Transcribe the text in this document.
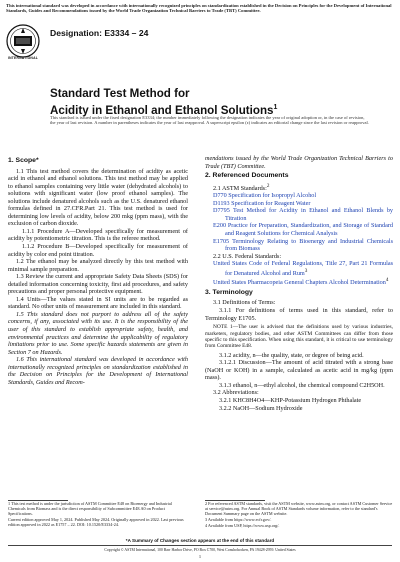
This international standard was developed in accordance with internationally recognized principles on standardization established in the Decision on Principles for the Development of International Standards, Guides and Recommendations issued by the World Trade Organization Technical Barriers to Trade (TBT) Committee.
INTERNATIONAL
Designation: E3334 – 24
Standard Test Method for
Acidity in Ethanol and Ethanol Solutions$^1$
This standard is issued under the fixed designation E3334; the number immediately following the designation indicates the year of original adoption or, in the case of revision, the year of last revision. A number in parentheses indicates the year of last reapproval. A superscript epsilon (ε) indicates an editorial change since the last revision or reapproval.

1. Scope*

1.1 This test method covers the determination of acidity as acetic acid in ethanol and ethanol solutions. This test method may be applied to ethanol samples containing very little water (dehydrated alcohols) to solutions with significant water (low proof ethanol samples). The solutions include denatured alcohols such as the U.S. denatured ethanol formulas defined in 27.CFR.Part 21. This test method is used for determining low levels of acidity, below 200 mkg (ppm mass), with the exclusion of carbon dioxide.

1.1.1 Procedure A—Developed specifically for measurement of acidity by potentiometric titration. This is the referee method.

1.1.2 Procedure B—Developed specifically for measurement of acidity by color end point titration.

1.2 The ethanol may be analyzed directly by this test method with minimal sample preparation.

1.3 Review the current and appropriate Safety Data Sheets (SDS) for detailed information concerning toxicity, first aid procedures, and safety precautions and proper personal protective equipment.

1.4 Units—The values stated in SI units are to be regarded as standard. No other units of measurement are included in this standard.

1.5 This standard does not purport to address all of the safety concerns, if any, associated with its use. It is the responsibility of the user of this standard to establish appropriate safety, health, and environmental practices and determine the applicability of regulatory limitations prior to use. Some specific hazards statements are given in Section 7 on Hazards.

1.6 This international standard was developed in accordance with internationally recognized principles on standardization established in the Decision on Principles for the Development of International Standards, Guides and Recom-

mendations issued by the World Trade Organization Technical Barriers to Trade (TBT) Committee.

2. Referenced Documents

2.1 ASTM Standards:$^2$

D770 Specification for Isopropyl Alcohol

D1193 Specification for Reagent Water

D7795 Test Method for Acidity in Ethanol and Ethanol Blends by Titration

E200 Practice for Preparation, Standardization, and Storage of Standard and Reagent Solutions for Chemical Analysis

E1705 Terminology Relating to Bioenergy and Industrial Chemicals from Biomass

2.2 U.S. Federal Standards:

United States Code of Federal Regulations, Title 27, Part 21 Formulas for Denatured Alcohol and Rum$^3$

United States Pharmacopeia General Chapters Alcohol Determination$^4$

3. Terminology

3.1 Definitions of Terms:

3.1.1 For definitions of terms used in this standard, refer to Terminology E1705.

NOTE 1—The user is advised that the definitions used by various industries, marketers, regulatory bodies, and other ASTM Committees can differ from those specific to this specification. When using this standard, it is critical to use terminology from Committee E48.

3.1.2 acidity, n—the quality, state, or degree of being acid.

3.1.2.1 Discussion—The amount of acid titrated with a strong base (NaOH or KOH) in a sample, calculated as acetic acid in mg/kg (ppm mass).

3.1.3 ethanol, n—ethyl alcohol, the chemical compound C2H5OH.

3.2 Abbreviations:

3.2.1 KHC8H4O4—KHP-Potassium Hydrogen Phthalate

3.2.2 NaOH—Sodium Hydroxide

1 This test method is under the jurisdiction of ASTM Committee E48 on Bioenergy and Industrial Chemicals from Biomass and is the direct responsibility of Subcommittee E48.A0 on Product Specifications.

Current edition approved May 1, 2024. Published May 2024. Originally approved in 2022. Last previous edition approved in 2022 as E1757 – 22. DOI: 10.1520/E3334-24.

2 For referenced ASTM standards, visit the ASTM website, www.astm.org, or contact ASTM Customer Service at service@astm.org. For Annual Book of ASTM Standards volume information, refer to the standard's Document Summary page on the ASTM website.

3 Available from https://www.ecfr.gov/.

4 Available from USP, https://www.usp.org/.

*A Summary of Changes section appears at the end of this standard
Copyright © ASTM International, 100 Barr Harbor Drive, PO Box C700, West Conshohocken, PA 19428-2959. United States
1
